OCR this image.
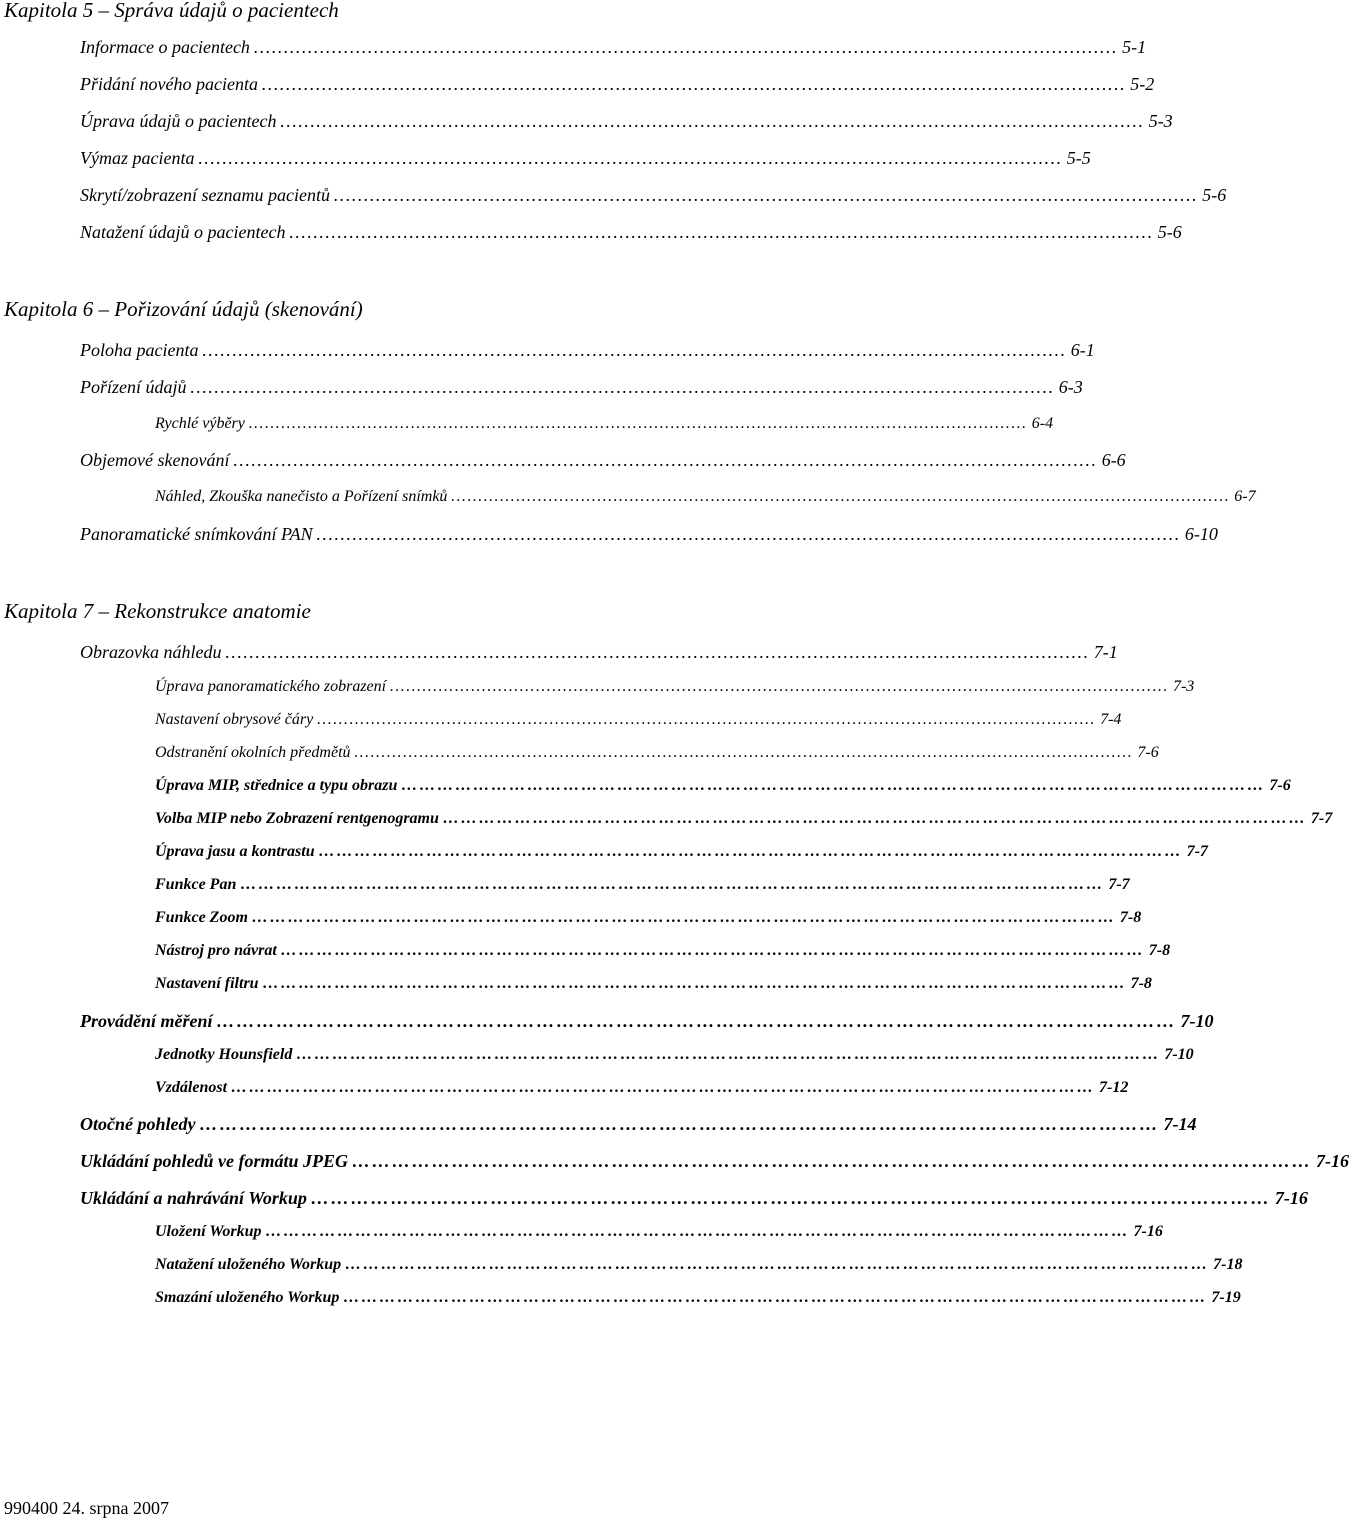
Kapitola 5 – Správa údajů o pacientech
Informace o pacientech ……………………………………………………………………………………………………………………………… 5-1
Přidání nového pacienta ……………………………………………………………………………………………………………………………… 5-2
Úprava údajů o pacientech ……………………………………………………………………………………………………………………………… 5-3
Výmaz pacienta ……………………………………………………………………………………………………………………………… 5-5
Skrytí/zobrazení seznamu pacientů ……………………………………………………………………………………………………………………………… 5-6
Natažení údajů o pacientech ……………………………………………………………………………………………………………………………… 5-6
Kapitola 6 – Pořizování údajů (skenování)
Poloha pacienta ……………………………………………………………………………………………………………………………… 6-1
Pořízení údajů ……………………………………………………………………………………………………………………………… 6-3
Rychlé výběry ……………………………………………………………………………………………………………………………… 6-4
Objemové skenování ……………………………………………………………………………………………………………………………… 6-6
Náhled, Zkouška nanečisto a Pořízení snímků ……………………………………………………………………………………………………………………………… 6-7
Panoramatické snímkování PAN ……………………………………………………………………………………………………………………………… 6-10
Kapitola 7 – Rekonstrukce anatomie
Obrazovka náhledu ……………………………………………………………………………………………………………………………… 7-1
Úprava panoramatického zobrazení ……………………………………………………………………………………………………………………………… 7-3
Nastavení obrysové čáry ……………………………………………………………………………………………………………………………… 7-4
Odstranění okolních předmětů ……………………………………………………………………………………………………………………………… 7-6
Úprava MIP, střednice a typu obrazu ……………………………………………………………………………………………………………………………… 7-6
Volba MIP nebo Zobrazení rentgenogramu ……………………………………………………………………………………………………………………………… 7-7
Úprava jasu a kontrastu ……………………………………………………………………………………………………………………………… 7-7
Funkce Pan ……………………………………………………………………………………………………………………………… 7-7
Funkce Zoom ……………………………………………………………………………………………………………………………… 7-8
Nástroj pro návrat ……………………………………………………………………………………………………………………………… 7-8
Nastavení filtru ……………………………………………………………………………………………………………………………… 7-8
Provádění měření ……………………………………………………………………………………………………………………………… 7-10
Jednotky Hounsfield ……………………………………………………………………………………………………………………………… 7-10
Vzdálenost ……………………………………………………………………………………………………………………………… 7-12
Otočné pohledy ……………………………………………………………………………………………………………………………… 7-14
Ukládání pohledů ve formátu JPEG ……………………………………………………………………………………………………………………………… 7-16
Ukládání a nahrávání Workup ……………………………………………………………………………………………………………………………… 7-16
Uložení Workup ……………………………………………………………………………………………………………………………… 7-16
Natažení uloženého Workup ……………………………………………………………………………………………………………………………… 7-18
Smazání uloženého Workup ……………………………………………………………………………………………………………………………… 7-19
990400 24. srpna 2007
